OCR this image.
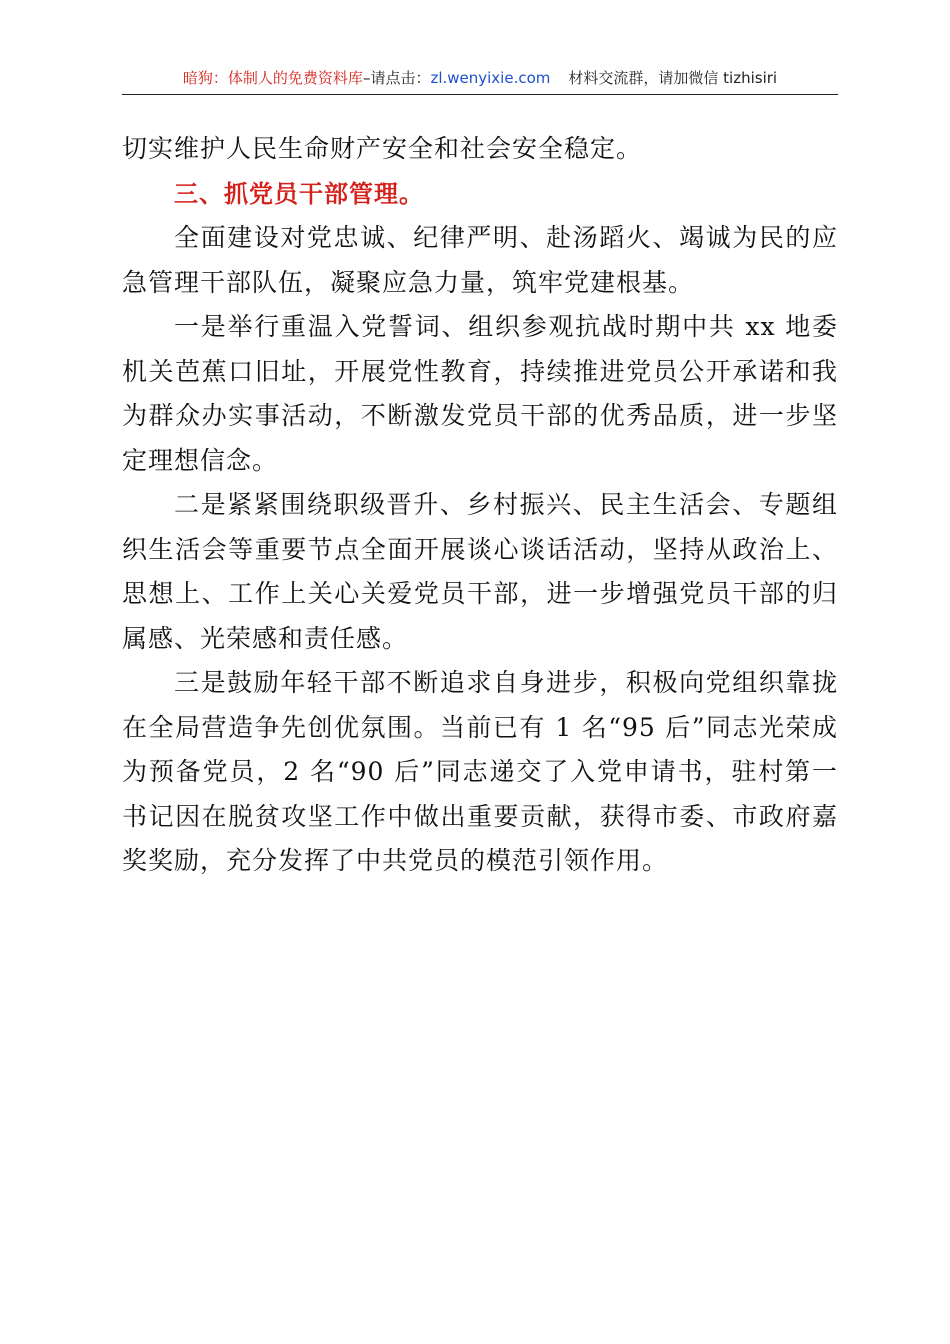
暗狗：体制人的免费资料库–请点击：zl.wenyixie.com 材料交流群，请加微信 tizhisiri

切实维护人民生命财产安全和社会安全稳定。

三、抓党员干部管理。

全面建设对党忠诚、纪律严明、赴汤蹈火、竭诚为民的应急管理干部队伍，凝聚应急力量，筑牢党建根基。

一是举行重温入党誓词、组织参观抗战时期中共 xx 地委机关芭蕉口旧址，开展党性教育，持续推进党员公开承诺和我为群众办实事活动，不断激发党员干部的优秀品质，进一步坚定理想信念。

二是紧紧围绕职级晋升、乡村振兴、民主生活会、专题组织生活会等重要节点全面开展谈心谈话活动，坚持从政治上、思想上、工作上关心关爱党员干部，进一步增强党员干部的归属感、光荣感和责任感。

三是鼓励年轻干部不断追求自身进步，积极向党组织靠拢在全局营造争先创优氛围。当前已有 1 名“95 后”同志光荣成为预备党员，2 名“90 后”同志递交了入党申请书，驻村第一书记因在脱贫攻坚工作中做出重要贡献，获得市委、市政府嘉奖奖励，充分发挥了中共党员的模范引领作用。
